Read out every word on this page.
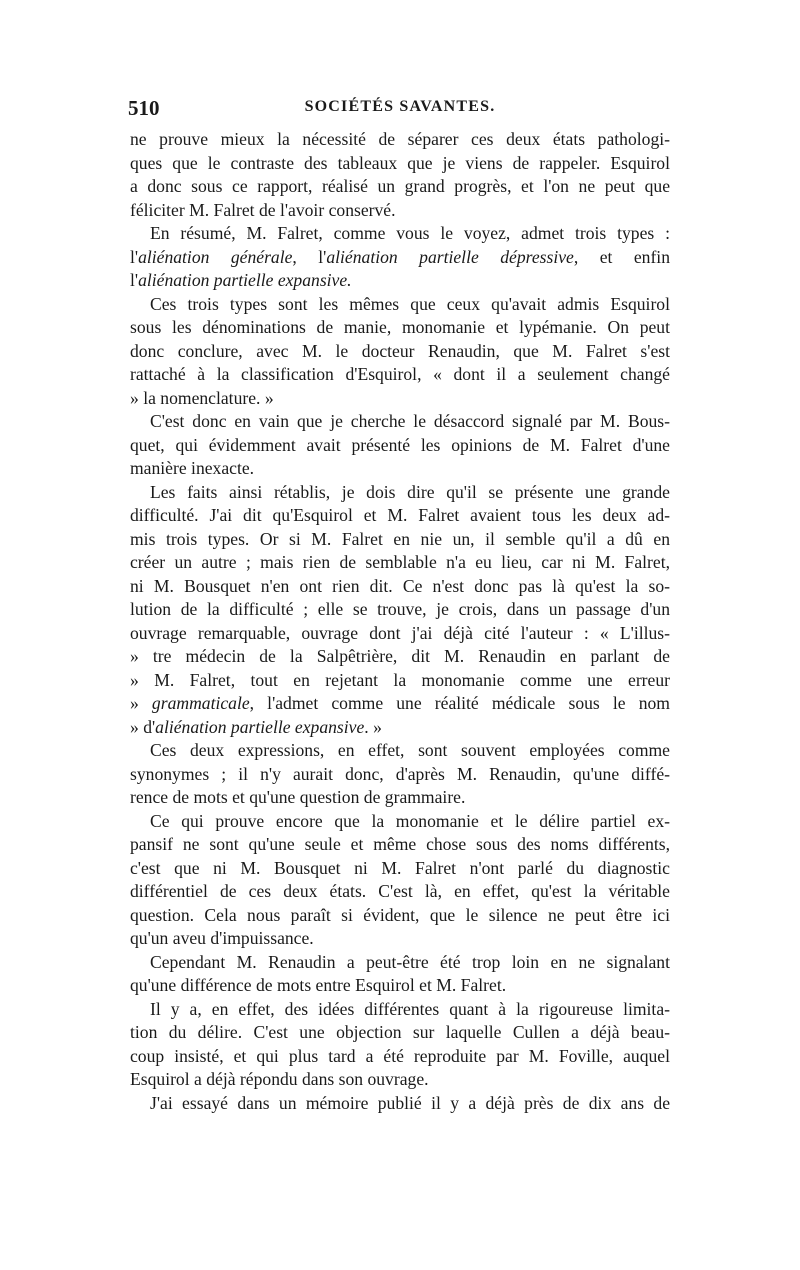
510	SOCIÉTÉS SAVANTES.
ne prouve mieux la nécessité de séparer ces deux états pathologi-
ques que le contraste des tableaux que je viens de rappeler. Esquirol
a donc sous ce rapport, réalisé un grand progrès, et l'on ne peut que
féliciter M. Falret de l'avoir conservé.
En résumé, M. Falret, comme vous le voyez, admet trois types :
l'aliénation générale, l'aliénation partielle dépressive, et enfin
l'aliénation partielle expansive.
Ces trois types sont les mêmes que ceux qu'avait admis Esquirol
sous les dénominations de manie, monomanie et lypémanie. On peut
donc conclure, avec M. le docteur Renaudin, que M. Falret s'est
rattaché à la classification d'Esquirol, « dont il a seulement changé
» la nomenclature. »
C'est donc en vain que je cherche le désaccord signalé par M. Bous-
quet, qui évidemment avait présenté les opinions de M. Falret d'une
manière inexacte.
Les faits ainsi rétablis, je dois dire qu'il se présente une grande
difficulté. J'ai dit qu'Esquirol et M. Falret avaient tous les deux ad-
mis trois types. Or si M. Falret en nie un, il semble qu'il a dû en
créer un autre ; mais rien de semblable n'a eu lieu, car ni M. Falret,
ni M. Bousquet n'en ont rien dit. Ce n'est donc pas là qu'est la so-
lution de la difficulté ; elle se trouve, je crois, dans un passage d'un
ouvrage remarquable, ouvrage dont j'ai déjà cité l'auteur : « L'illus-
» tre médecin de la Salpêtrière, dit M. Renaudin en parlant de
» M. Falret, tout en rejetant la monomanie comme une erreur
» grammaticale, l'admet comme une réalité médicale sous le nom
» d'aliénation partielle expansive. »
Ces deux expressions, en effet, sont souvent employées comme
synonymes ; il n'y aurait donc, d'après M. Renaudin, qu'une diffé-
rence de mots et qu'une question de grammaire.
Ce qui prouve encore que la monomanie et le délire partiel ex-
pansif ne sont qu'une seule et même chose sous des noms différents,
c'est que ni M. Bousquet ni M. Falret n'ont parlé du diagnostic
différentiel de ces deux états. C'est là, en effet, qu'est la véritable
question. Cela nous paraît si évident, que le silence ne peut être ici
qu'un aveu d'impuissance.
Cependant M. Renaudin a peut-être été trop loin en ne signalant
qu'une différence de mots entre Esquirol et M. Falret.
Il y a, en effet, des idées différentes quant à la rigoureuse limita-
tion du délire. C'est une objection sur laquelle Cullen a déjà beau-
coup insisté, et qui plus tard a été reproduite par M. Foville, auquel
Esquirol a déjà répondu dans son ouvrage.
J'ai essayé dans un mémoire publié il y a déjà près de dix ans de
